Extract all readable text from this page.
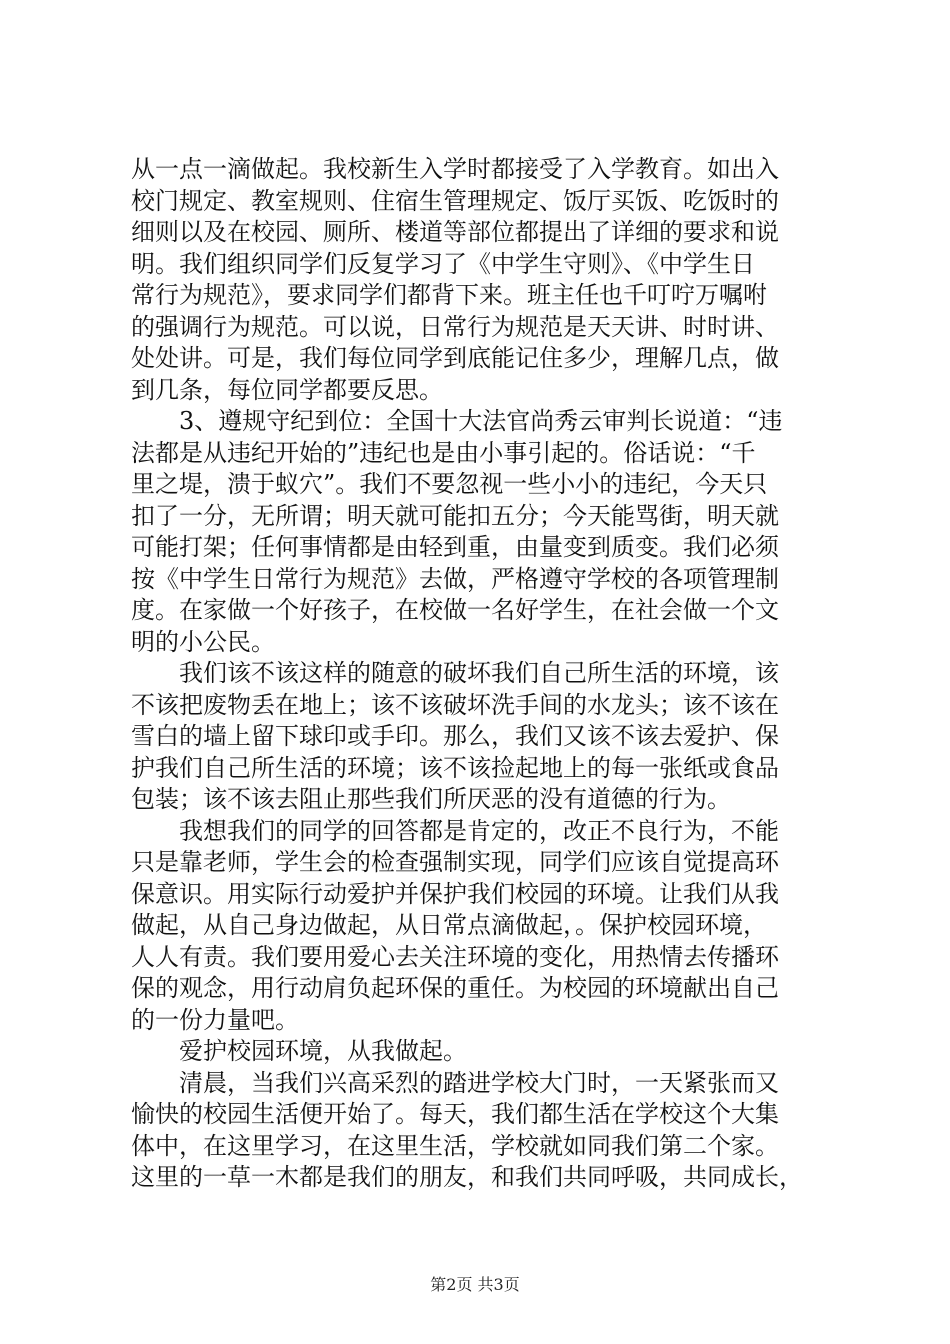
从一点一滴做起。我校新生入学时都接受了入学教育。如出入
校门规定、教室规则、住宿生管理规定、饭厅买饭、吃饭时的
细则以及在校园、厕所、楼道等部位都提出了详细的要求和说
明。我们组织同学们反复学习了《中学生守则》、《中学生日
常行为规范》，要求同学们都背下来。班主任也千叮咛万嘱咐
的强调行为规范。可以说，日常行为规范是天天讲、时时讲、
处处讲。可是，我们每位同学到底能记住多少，理解几点，做
到几条，每位同学都要反思。
　　3、遵规守纪到位：全国十大法官尚秀云审判长说道：“违
法都是从违纪开始的”违纪也是由小事引起的。俗话说：“千
里之堤，溃于蚁穴”。我们不要忽视一些小小的违纪，今天只
扣了一分，无所谓；明天就可能扣五分；今天能骂街，明天就
可能打架；任何事情都是由轻到重，由量变到质变。我们必须
按《中学生日常行为规范》去做，严格遵守学校的各项管理制
度。在家做一个好孩子，在校做一名好学生，在社会做一个文
明的小公民。
　　我们该不该这样的随意的破坏我们自己所生活的环境，该
不该把废物丢在地上；该不该破坏洗手间的水龙头；该不该在
雪白的墙上留下球印或手印。那么，我们又该不该去爱护、保
护我们自己所生活的环境；该不该捡起地上的每一张纸或食品
包装；该不该去阻止那些我们所厌恶的没有道德的行为。
　　我想我们的同学的回答都是肯定的，改正不良行为，不能
只是靠老师，学生会的检查强制实现，同学们应该自觉提高环
保意识。用实际行动爱护并保护我们校园的环境。让我们从我
做起，从自己身边做起，从日常点滴做起，。保护校园环境，
人人有责。我们要用爱心去关注环境的变化，用热情去传播环
保的观念，用行动肩负起环保的重任。为校园的环境献出自己
的一份力量吧。
　　爱护校园环境，从我做起。
　　清晨，当我们兴高采烈的踏进学校大门时，一天紧张而又
愉快的校园生活便开始了。每天，我们都生活在学校这个大集
体中，在这里学习，在这里生活，学校就如同我们第二个家。
这里的一草一木都是我们的朋友，和我们共同呼吸，共同成长，
第2页 共3页
